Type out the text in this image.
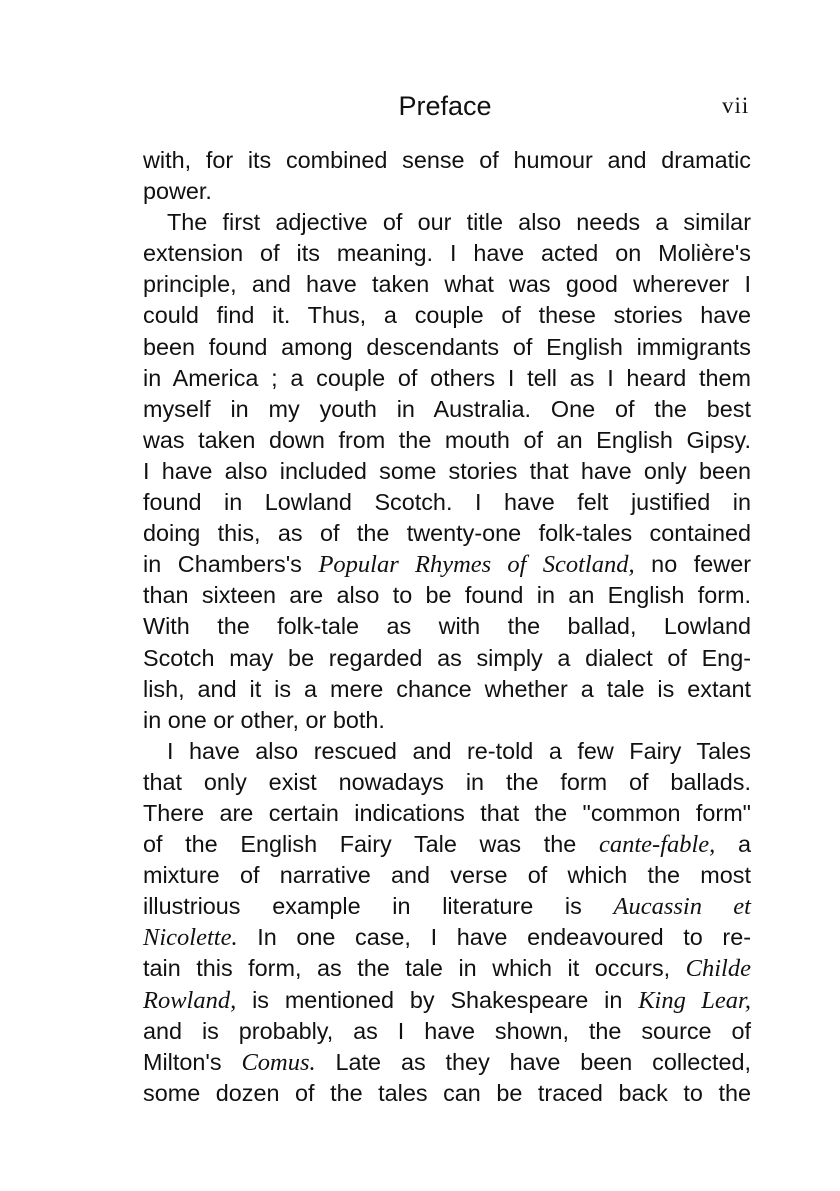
Preface	vii
with, for its combined sense of humour and dramatic
power.
The first adjective of our title also needs a similar
extension of its meaning. I have acted on Molière's
principle, and have taken what was good wherever I
could find it. Thus, a couple of these stories have
been found among descendants of English immigrants
in America ; a couple of others I tell as I heard them
myself in my youth in Australia. One of the best
was taken down from the mouth of an English Gipsy.
I have also included some stories that have only been
found in Lowland Scotch. I have felt justified in
doing this, as of the twenty-one folk-tales contained
in Chambers's Popular Rhymes of Scotland, no fewer
than sixteen are also to be found in an English form.
With the folk-tale as with the ballad, Lowland
Scotch may be regarded as simply a dialect of Eng-
lish, and it is a mere chance whether a tale is extant
in one or other, or both.
I have also rescued and re-told a few Fairy Tales
that only exist nowadays in the form of ballads.
There are certain indications that the "common form"
of the English Fairy Tale was the cante-fable, a
mixture of narrative and verse of which the most
illustrious example in literature is Aucassin et
Nicolette. In one case, I have endeavoured to re-
tain this form, as the tale in which it occurs, Childe
Rowland, is mentioned by Shakespeare in King Lear,
and is probably, as I have shown, the source of
Milton's Comus. Late as they have been collected,
some dozen of the tales can be traced back to the
